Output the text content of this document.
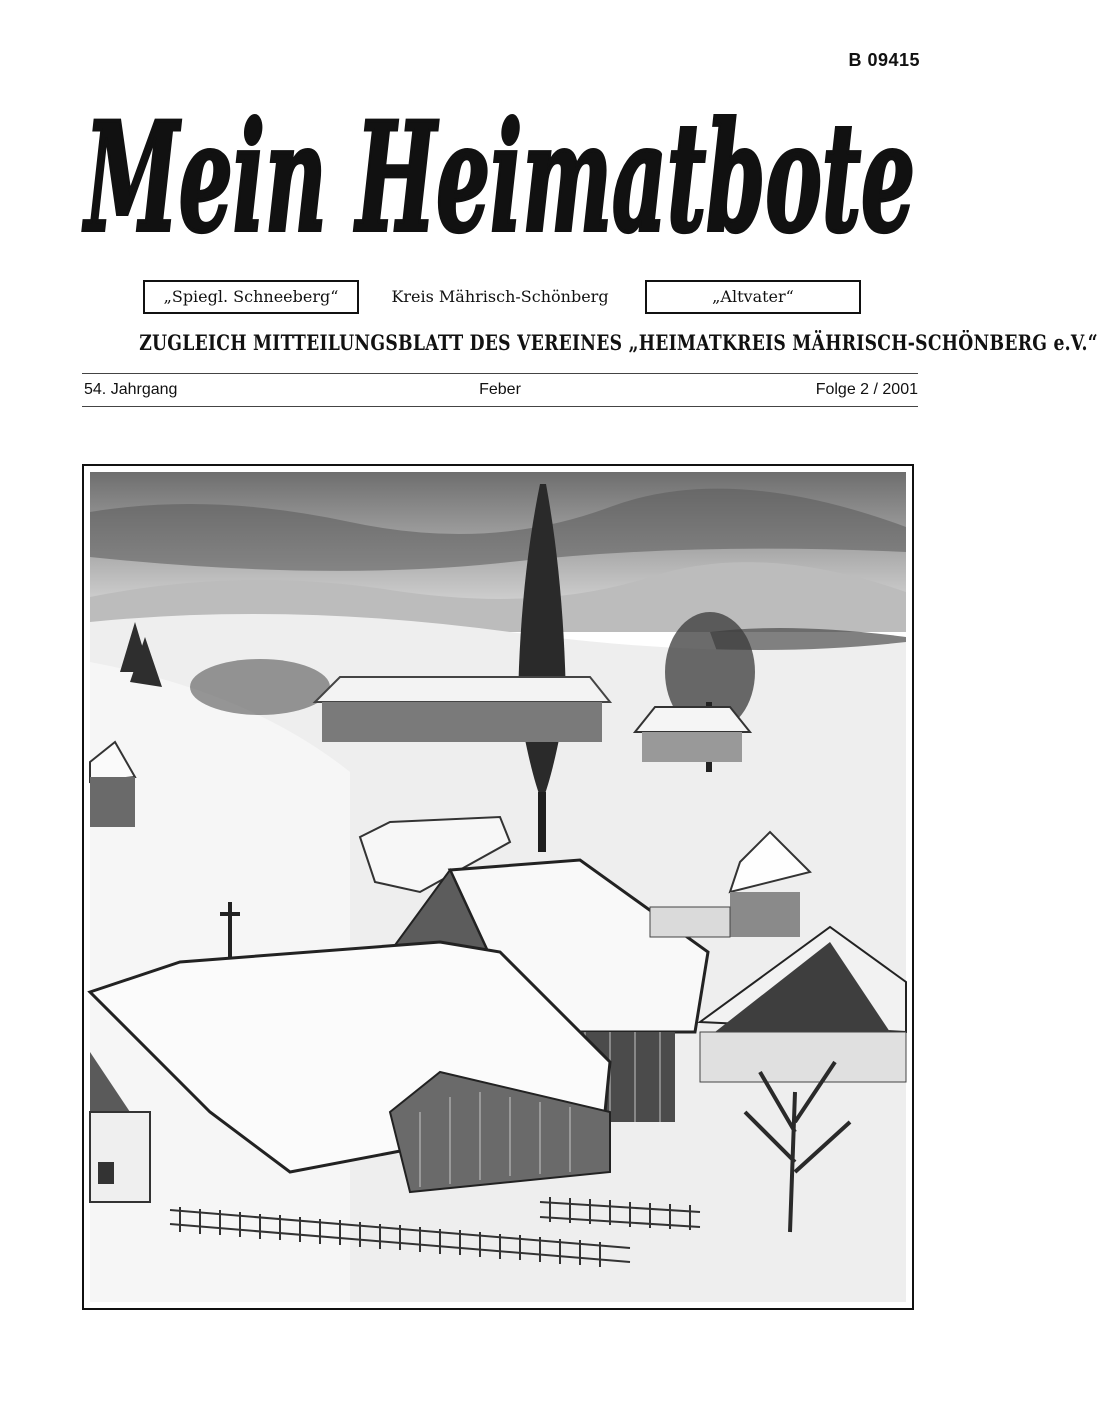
B 09415
Mein Heimatbote
„Spiegl. Schneeberg“	Kreis Mährisch-Schönberg	„Altvater“
ZUGLEICH MITTEILUNGSBLATT DES VEREINES „HEIMATKREIS MÄHRISCH-SCHÖNBERG e.V.“
54. Jahrgang	Feber	Folge 2 / 2001
